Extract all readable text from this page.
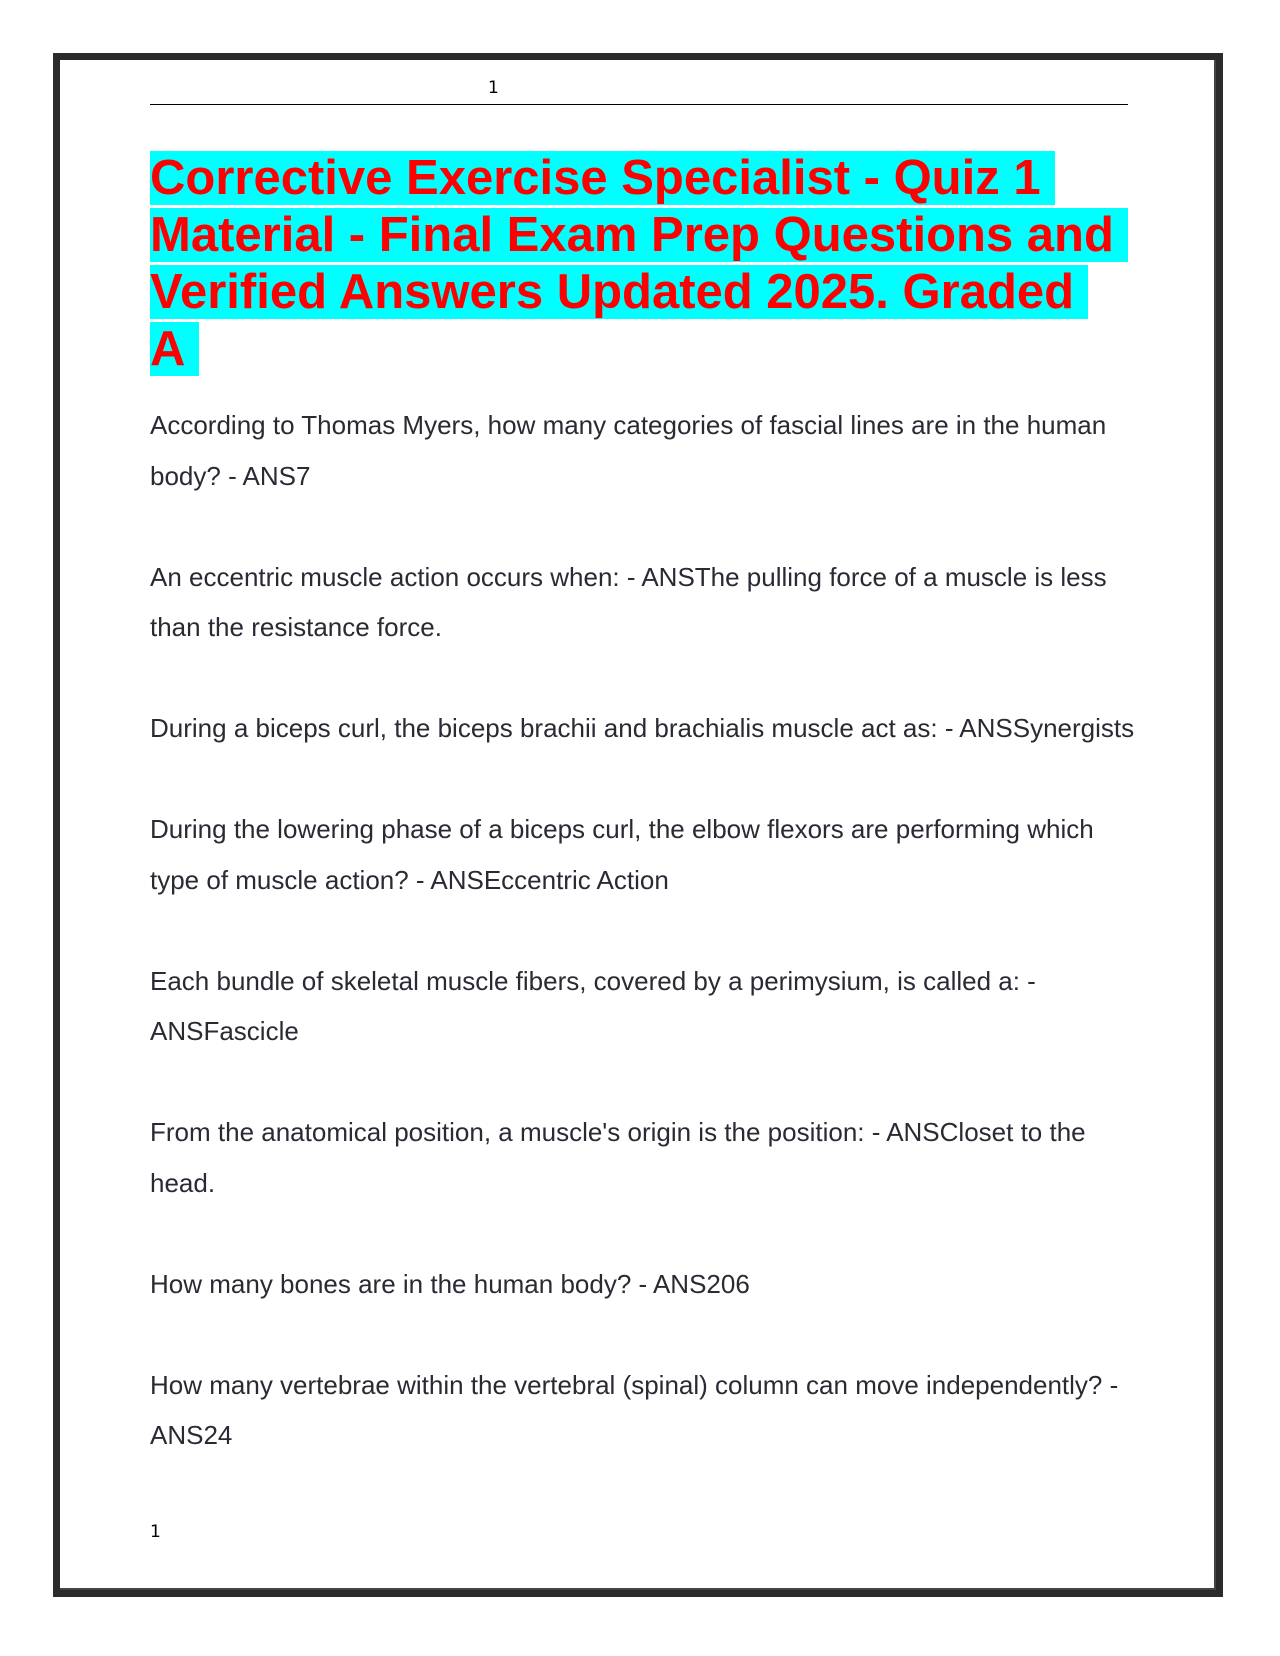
1
Corrective Exercise Specialist - Quiz 1 Material - Final Exam Prep Questions and Verified Answers Updated 2025. Graded A

According to Thomas Myers, how many categories of fascial lines are in the human body? - ANS7

An eccentric muscle action occurs when: - ANSThe pulling force of a muscle is less than the resistance force.

During a biceps curl, the biceps brachii and brachialis muscle act as: - ANSSynergists

During the lowering phase of a biceps curl, the elbow flexors are performing which type of muscle action? - ANSEccentric Action

Each bundle of skeletal muscle fibers, covered by a perimysium, is called a: - ANSFascicle

From the anatomical position, a muscle's origin is the position: - ANSCloset to the head.

How many bones are in the human body? - ANS206

How many vertebrae within the vertebral (spinal) column can move independently? - ANS24

1
